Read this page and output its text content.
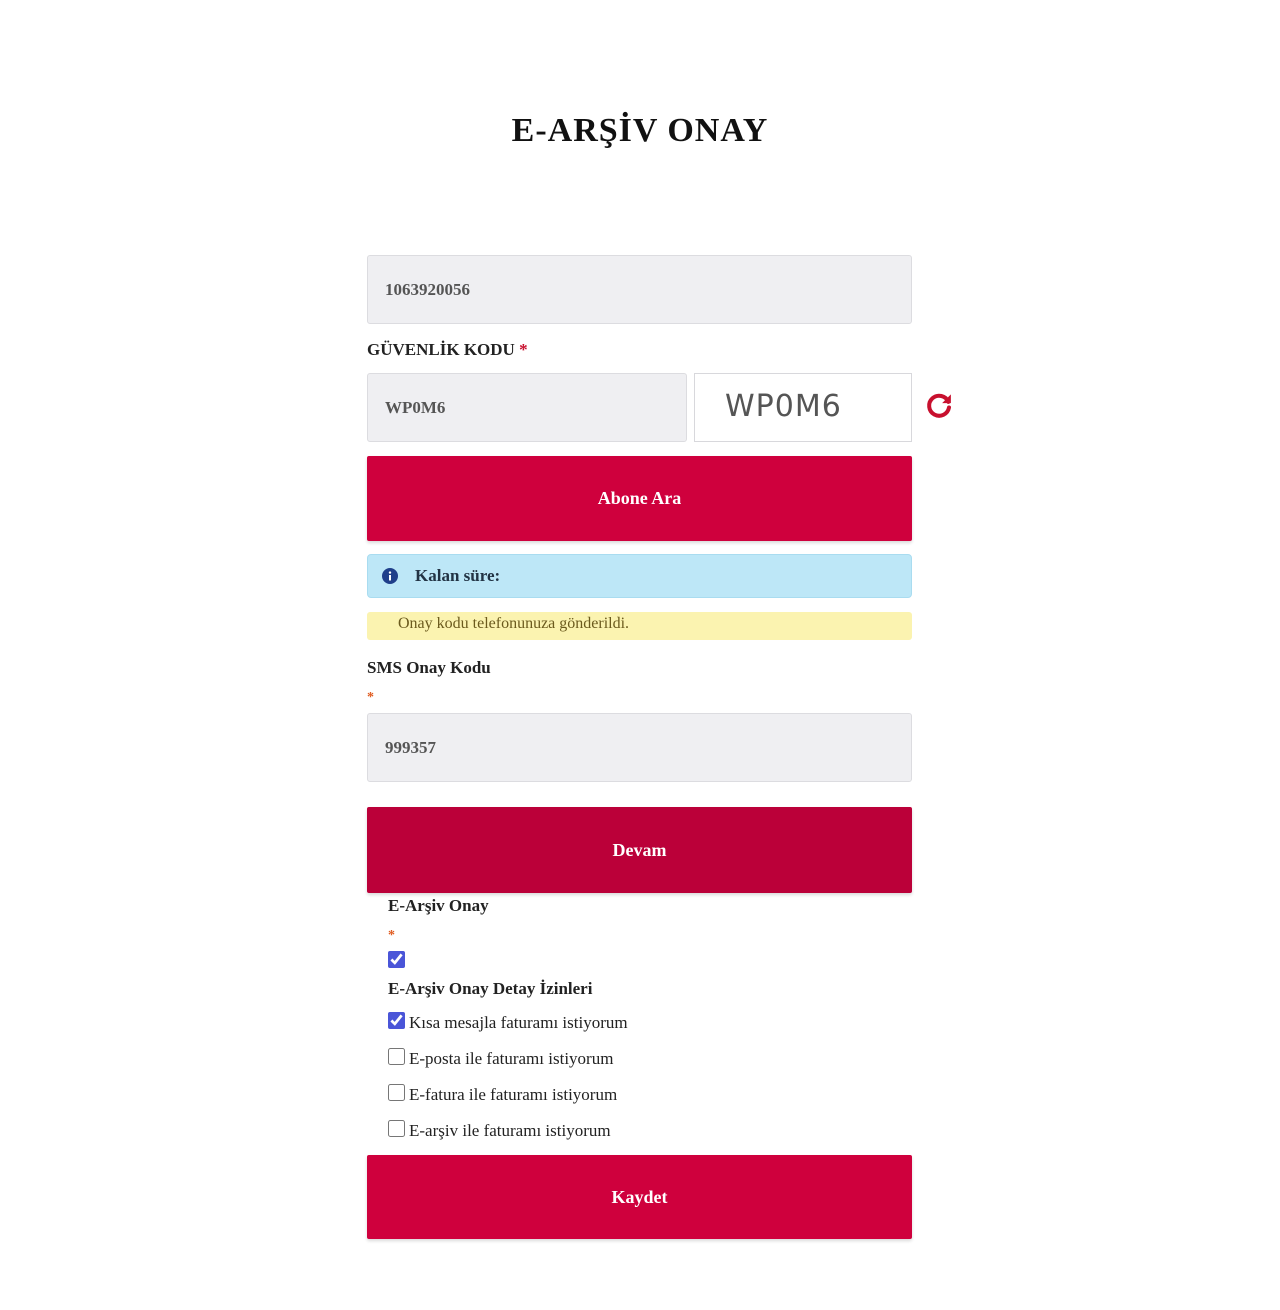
E-ARŞİV ONAY
1063920056
GÜVENLİK KODU *
WP0M6
WP0M6
Abone Ara
Kalan süre:
Onay kodu telefonunuza gönderildi.
SMS Onay Kodu
*
999357
Devam
E-Arşiv Onay
*
E-Arşiv Onay Detay İzinleri
Kısa mesajla faturamı istiyorum
E-posta ile faturamı istiyorum
E-fatura ile faturamı istiyorum
E-arşiv ile faturamı istiyorum
Kaydet
